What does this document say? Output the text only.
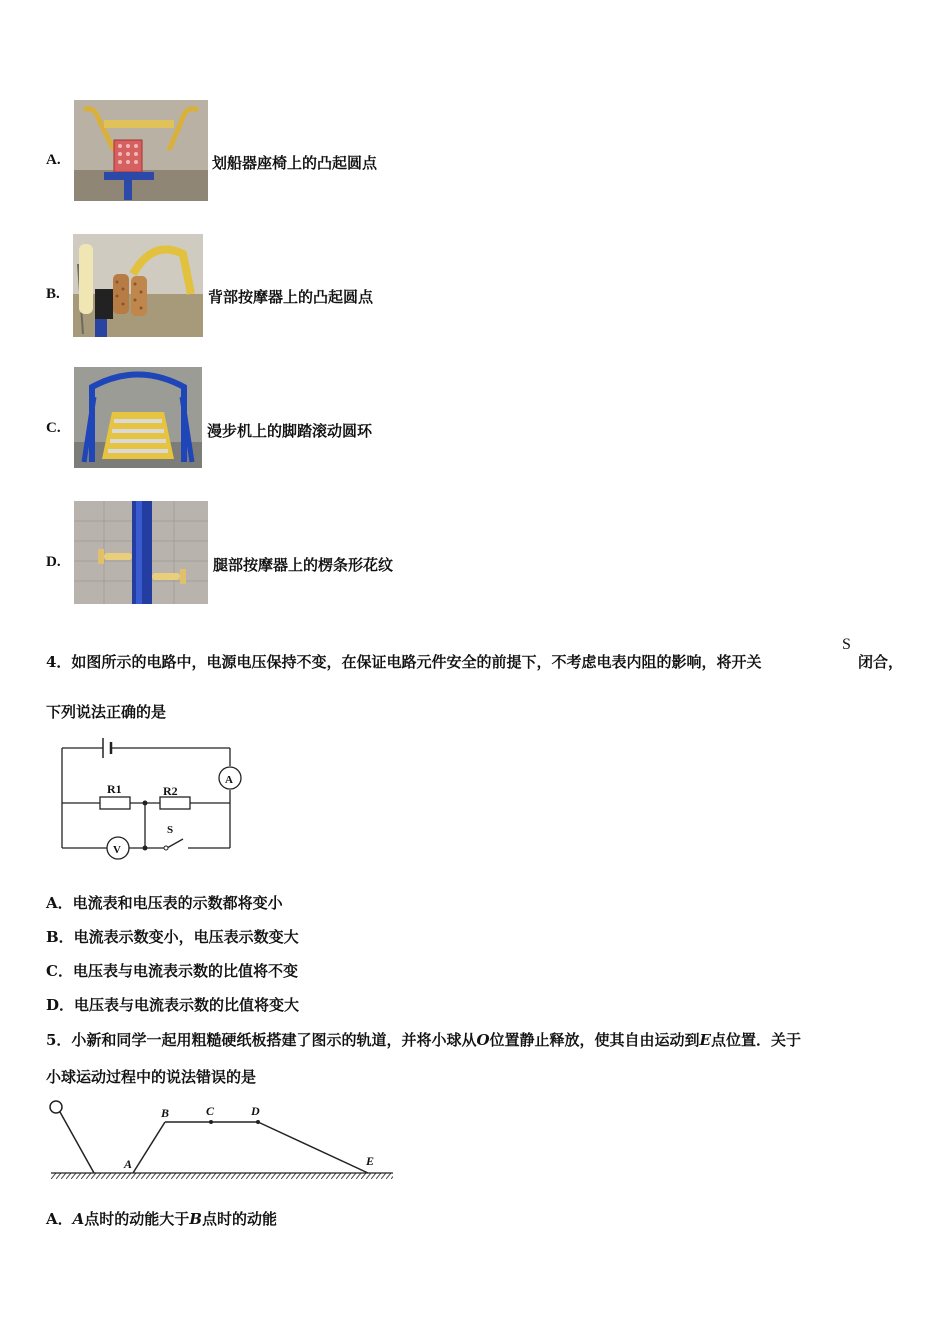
A.	划船器座椅上的凸起圆点
B.	背部按摩器上的凸起圆点
C.	漫步机上的脚踏滚动圆环
D.	腿部按摩器上的楞条形花纹
4．如图所示的电路中，电源电压保持不变，在保证电路元件安全的前提下，不考虑电表内阻的影响，将开关
S
闭合，
下列说法正确的是
R1	R2
A
V
S
A．电流表和电压表的示数都将变小
B．电流表示数变小，电压表示数变大
C．电压表与电流表示数的比值将不变
D．电压表与电流表示数的比值将变大
5．小新和同学一起用粗糙硬纸板搭建了图示的轨道，并将小球从O位置静止释放，使其自由运动到E点位置．关于
小球运动过程中的说法错误的是
A
B	C	D
E
A．A点时的动能大于B点时的动能
